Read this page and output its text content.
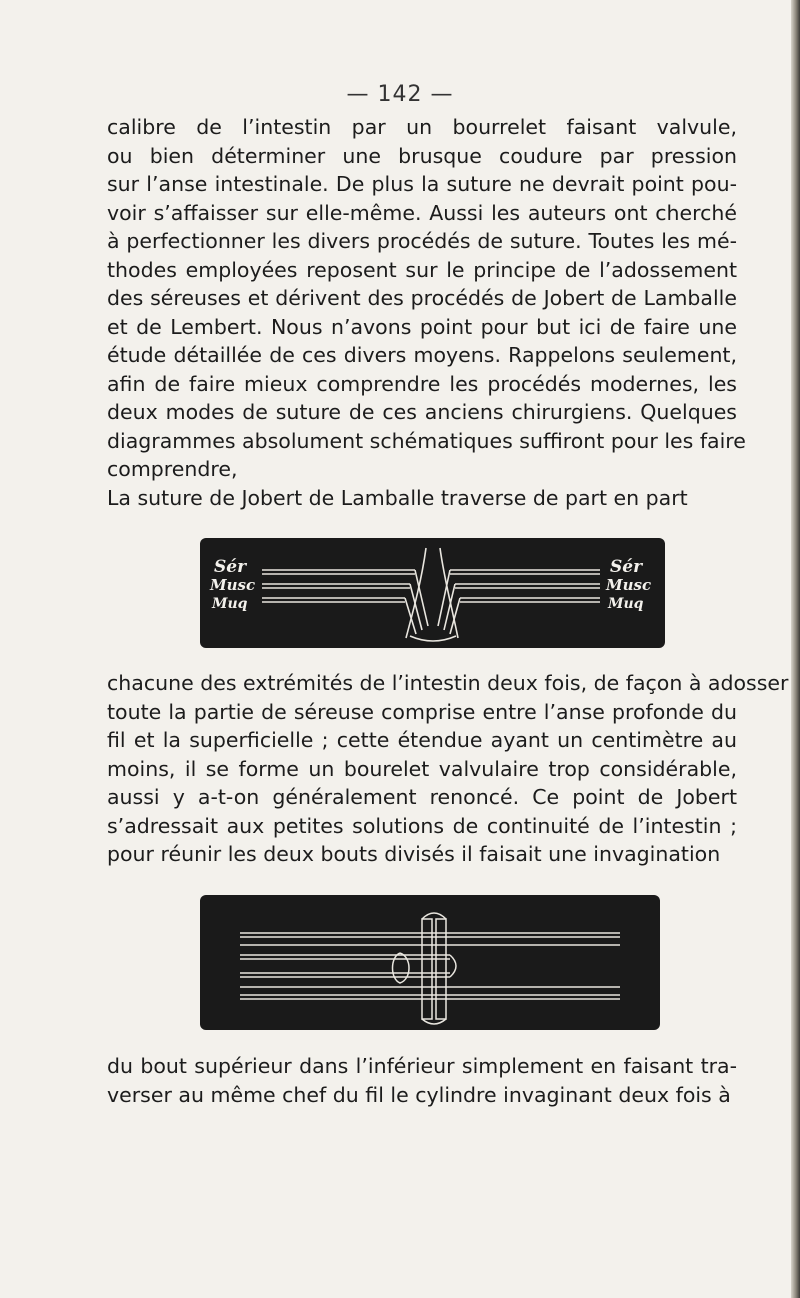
— 142 —

calibre de l’intestin par un bourrelet faisant valvule,
ou bien déterminer une brusque coudure par pression
sur l’anse intestinale. De plus la suture ne devrait point pou-
voir s’affaisser sur elle-même. Aussi les auteurs ont cherché
à perfectionner les divers procédés de suture. Toutes les mé-
thodes employées reposent sur le principe de l’adossement
des séreuses et dérivent des procédés de Jobert de Lamballe
et de Lembert. Nous n’avons point pour but ici de faire une
étude détaillée de ces divers moyens. Rappelons seulement,
afin de faire mieux comprendre les procédés modernes, les
deux modes de suture de ces anciens chirurgiens. Quelques
diagrammes absolument schématiques suffiront pour les faire
comprendre,
La suture de Jobert de Lamballe traverse de part en part

Sér
Musc
Muq
Sér
Musc
Muq

chacune des extrémités de l’intestin deux fois, de façon à adosser
toute la partie de séreuse comprise entre l’anse profonde du
fil et la superficielle ; cette étendue ayant un centimètre au
moins, il se forme un bourelet valvulaire trop considérable,
aussi y a-t-on généralement renoncé. Ce point de Jobert
s’adressait aux petites solutions de continuité de l’intestin ;
pour réunir les deux bouts divisés il faisait une invagination

du bout supérieur dans l’inférieur simplement en faisant tra-
verser au même chef du fil le cylindre invaginant deux fois à
